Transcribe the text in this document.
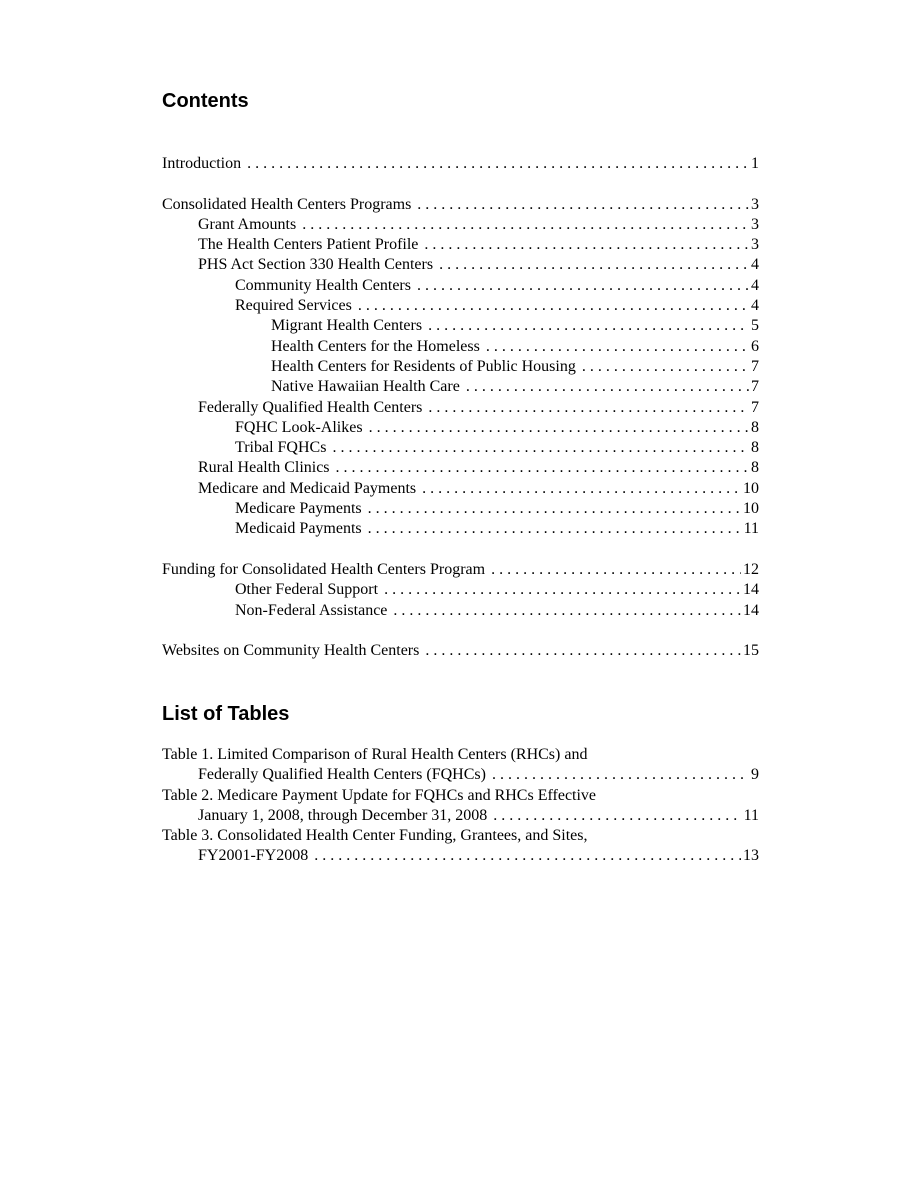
Contents
Introduction . . .	1
Consolidated Health Centers Programs . . .	3
Grant Amounts . . .	3
The Health Centers Patient Profile . . .	3
PHS Act Section 330 Health Centers . . .	4
Community Health Centers . . .	4
Required Services . . .	4
Migrant Health Centers . . .	5
Health Centers for the Homeless . . .	6
Health Centers for Residents of Public Housing . . .	7
Native Hawaiian Health Care . . .	7
Federally Qualified Health Centers . . .	7
FQHC Look-Alikes . . .	8
Tribal FQHCs . . .	8
Rural Health Clinics . . .	8
Medicare and Medicaid Payments . . .	10
Medicare Payments . . .	10
Medicaid Payments . . .	11
Funding for Consolidated Health Centers Program . . .	12
Other Federal Support . . .	14
Non-Federal Assistance . . .	14
Websites on Community Health Centers . . .	15
List of Tables
Table 1. Limited Comparison of Rural Health Centers (RHCs) and
Federally Qualified Health Centers (FQHCs) . . .	9
Table 2. Medicare Payment Update for FQHCs and RHCs Effective
January 1, 2008, through December 31, 2008 . . .	11
Table 3. Consolidated Health Center Funding, Grantees, and Sites,
FY2001-FY2008 . . .	13
